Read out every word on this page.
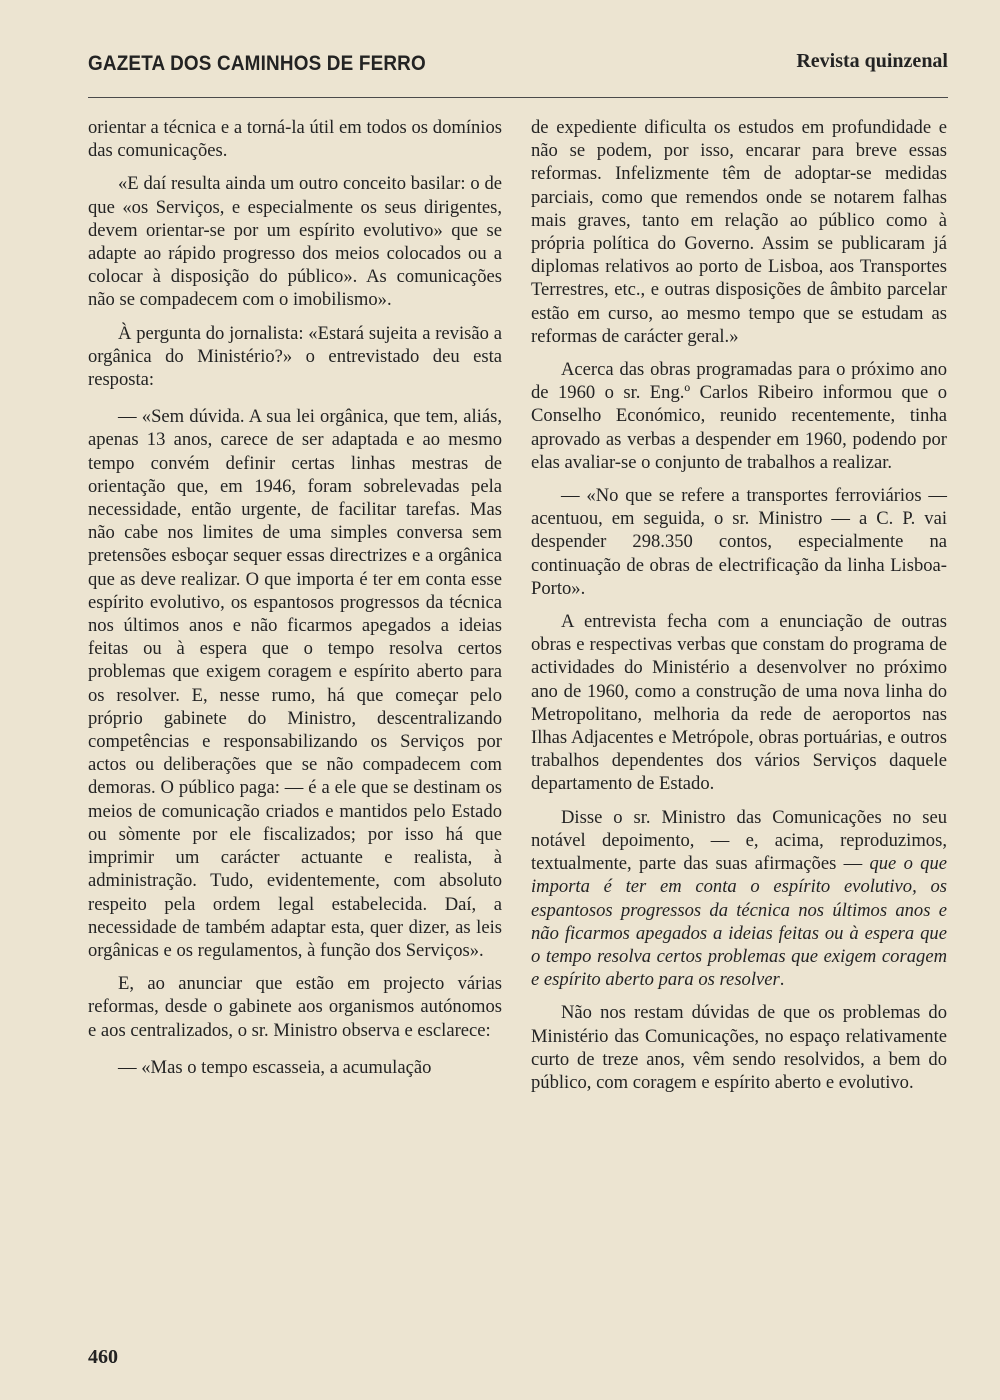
GAZETA DOS CAMINHOS DE FERRO	Revista quinzenal

orientar a técnica e a torná-la útil em todos os domínios das comunicações.

«E daí resulta ainda um outro conceito basilar: o de que «os Serviços, e especialmente os seus dirigentes, devem orientar-se por um espírito evolutivo» que se adapte ao rápido progresso dos meios colocados ou a colocar à disposição do público». As comunicações não se compadecem com o imobilismo».

À pergunta do jornalista: «Estará sujeita a revisão a orgânica do Ministério?» o entrevistado deu esta resposta:

— «Sem dúvida. A sua lei orgânica, que tem, aliás, apenas 13 anos, carece de ser adaptada e ao mesmo tempo convém definir certas linhas mestras de orientação que, em 1946, foram sobrelevadas pela necessidade, então urgente, de facilitar tarefas. Mas não cabe nos limites de uma simples conversa sem pretensões esboçar sequer essas directrizes e a orgânica que as deve realizar. O que importa é ter em conta esse espírito evolutivo, os espantosos progressos da técnica nos últimos anos e não ficarmos apegados a ideias feitas ou à espera que o tempo resolva certos problemas que exigem coragem e espírito aberto para os resolver. E, nesse rumo, há que começar pelo próprio gabinete do Ministro, descentralizando competências e responsabilizando os Serviços por actos ou deliberações que se não compadecem com demoras. O público paga: — é a ele que se destinam os meios de comunicação criados e mantidos pelo Estado ou sòmente por ele fiscalizados; por isso há que imprimir um carácter actuante e realista, à administração. Tudo, evidentemente, com absoluto respeito pela ordem legal estabelecida. Daí, a necessidade de também adaptar esta, quer dizer, as leis orgânicas e os regulamentos, à função dos Serviços».

E, ao anunciar que estão em projecto várias reformas, desde o gabinete aos organismos autónomos e aos centralizados, o sr. Ministro observa e esclarece:

— «Mas o tempo escasseia, a acumulação

de expediente dificulta os estudos em profundidade e não se podem, por isso, encarar para breve essas reformas. Infelizmente têm de adoptar-se medidas parciais, como que remendos onde se notarem falhas mais graves, tanto em relação ao público como à própria política do Governo. Assim se publicaram já diplomas relativos ao porto de Lisboa, aos Transportes Terrestres, etc., e outras disposições de âmbito parcelar estão em curso, ao mesmo tempo que se estudam as reformas de carácter geral.»

Acerca das obras programadas para o próximo ano de 1960 o sr. Eng.º Carlos Ribeiro informou que o Conselho Económico, reunido recentemente, tinha aprovado as verbas a despender em 1960, podendo por elas avaliar-se o conjunto de trabalhos a realizar.

— «No que se refere a transportes ferroviários — acentuou, em seguida, o sr. Ministro — a C. P. vai despender 298.350 contos, especialmente na continuação de obras de electrificação da linha Lisboa-Porto».

A entrevista fecha com a enunciação de outras obras e respectivas verbas que constam do programa de actividades do Ministério a desenvolver no próximo ano de 1960, como a construção de uma nova linha do Metropolitano, melhoria da rede de aeroportos nas Ilhas Adjacentes e Metrópole, obras portuárias, e outros trabalhos dependentes dos vários Serviços daquele departamento de Estado.

Disse o sr. Ministro das Comunicações no seu notável depoimento, — e, acima, reproduzimos, textualmente, parte das suas afirmações — que o que importa é ter em conta o espírito evolutivo, os espantosos progressos da técnica nos últimos anos e não ficarmos apegados a ideias feitas ou à espera que o tempo resolva certos problemas que exigem coragem e espírito aberto para os resolver.

Não nos restam dúvidas de que os problemas do Ministério das Comunicações, no espaço relativamente curto de treze anos, vêm sendo resolvidos, a bem do público, com coragem e espírito aberto e evolutivo.

460
